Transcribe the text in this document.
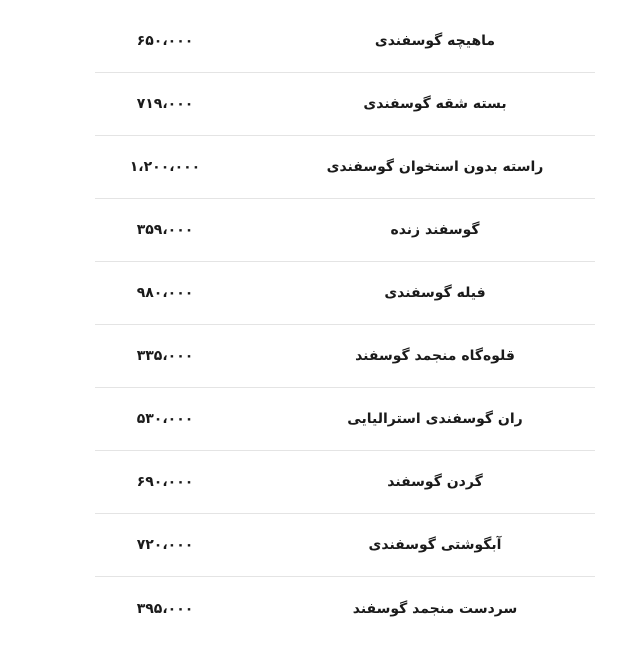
۶۵۰،۰۰۰	ماهیچه گوسفندی
۷۱۹،۰۰۰	بسته شقه گوسفندی
۱،۲۰۰،۰۰۰	راسته بدون استخوان گوسفندی
۳۵۹،۰۰۰	گوسفند زنده
۹۸۰،۰۰۰	فیله گوسفندی
۳۳۵،۰۰۰	قلوه‌گاه منجمد گوسفند
۵۳۰،۰۰۰	ران گوسفندی استرالیایی
۶۹۰،۰۰۰	گردن گوسفند
۷۲۰،۰۰۰	آبگوشتی گوسفندی
۳۹۵،۰۰۰	سردست منجمد گوسفند
